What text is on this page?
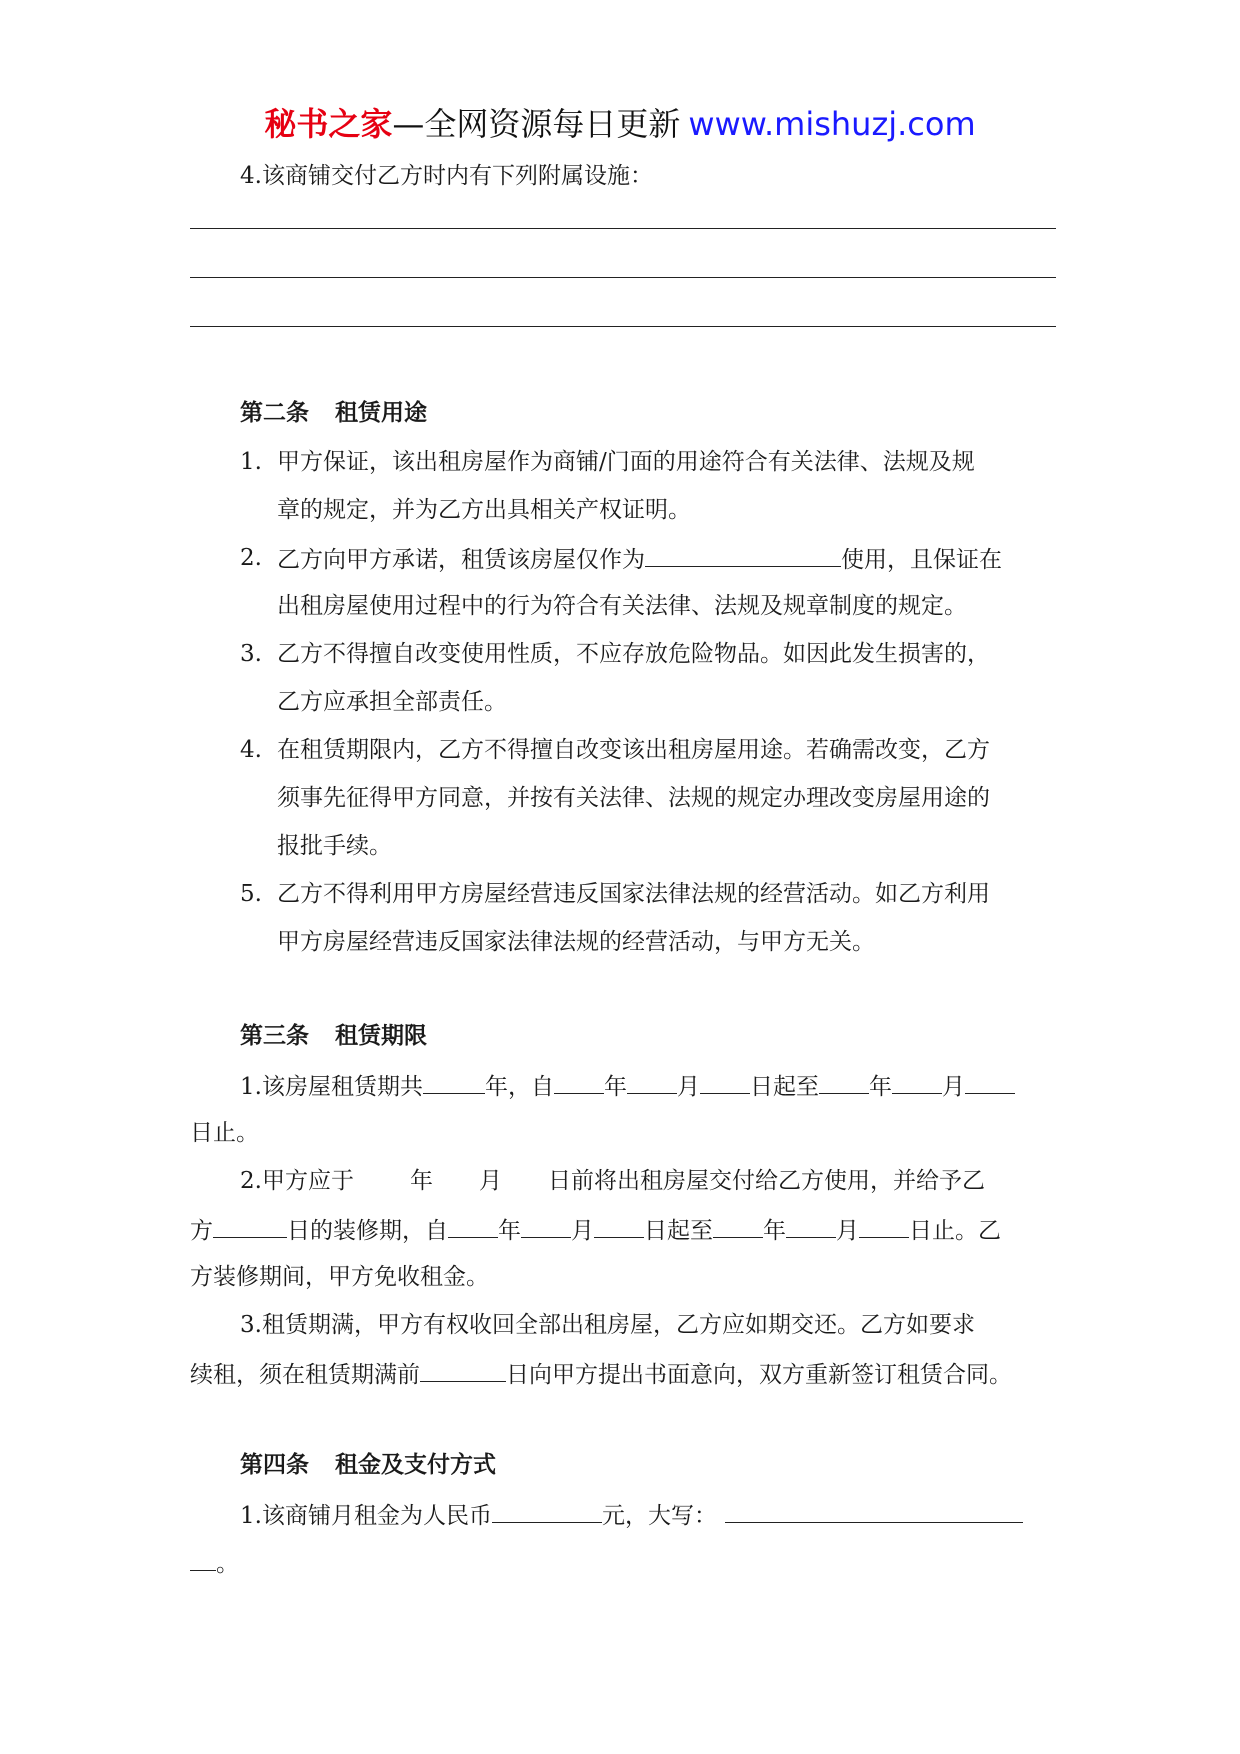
秘书之家—全网资源每日更新 www.mishuzj.com
4.该商铺交付乙方时内有下列附属设施：
第二条 租赁用途
1. 甲方保证，该出租房屋作为商铺/门面的用途符合有关法律、法规及规
章的规定，并为乙方出具相关产权证明。
2. 乙方向甲方承诺，租赁该房屋仅作为	使用，且保证在
出租房屋使用过程中的行为符合有关法律、法规及规章制度的规定。
3. 乙方不得擅自改变使用性质，不应存放危险物品。如因此发生损害的，
乙方应承担全部责任。
4. 在租赁期限内，乙方不得擅自改变该出租房屋用途。若确需改变，乙方
须事先征得甲方同意，并按有关法律、法规的规定办理改变房屋用途的
报批手续。
5. 乙方不得利用甲方房屋经营违反国家法律法规的经营活动。如乙方利用
甲方房屋经营违反国家法律法规的经营活动，与甲方无关。
第三条 租赁期限
1.该房屋租赁期共	年，自 年 月 日起至 年 月
日止。
2.甲方应于 年 月 日前将出租房屋交付给乙方使用，并给予乙
方	日的装修期，自 年 月 日起至 年 月 日止。乙
方装修期间，甲方免收租金。
3.租赁期满，甲方有权收回全部出租房屋，乙方应如期交还。乙方如要求
续租，须在租赁期满前	日向甲方提出书面意向，双方重新签订租赁合同。
第四条 租金及支付方式
1.该商铺月租金为人民币	元，大写：
。
